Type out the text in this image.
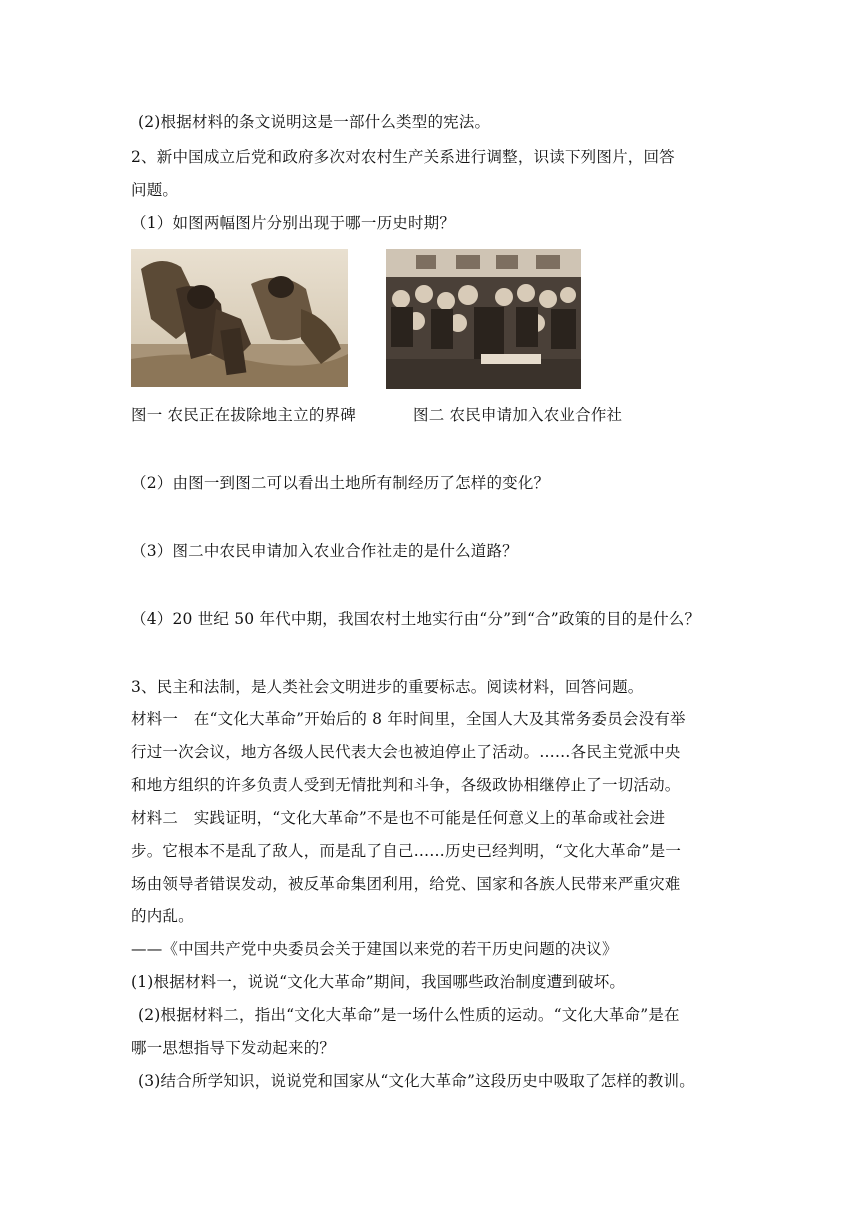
(2)根据材料的条文说明这是一部什么类型的宪法。
2、新中国成立后党和政府多次对农村生产关系进行调整，识读下列图片，回答
问题。
（1）如图两幅图片分别出现于哪一历史时期？
图一 农民正在拔除地主立的界碑	图二 农民申请加入农业合作社
（2）由图一到图二可以看出土地所有制经历了怎样的变化？
（3）图二中农民申请加入农业合作社走的是什么道路？
（4）20 世纪 50 年代中期，我国农村土地实行由“分”到“合”政策的目的是什么？
3、民主和法制，是人类社会文明进步的重要标志。阅读材料，回答问题。
材料一　在“文化大革命”开始后的 8 年时间里，全国人大及其常务委员会没有举
行过一次会议，地方各级人民代表大会也被迫停止了活动。……各民主党派中央
和地方组织的许多负责人受到无情批判和斗争，各级政协相继停止了一切活动。
材料二　实践证明，“文化大革命”不是也不可能是任何意义上的革命或社会进
步。它根本不是乱了敌人，而是乱了自己……历史已经判明，“文化大革命”是一
场由领导者错误发动，被反革命集团利用，给党、国家和各族人民带来严重灾难
的内乱。
——《中国共产党中央委员会关于建国以来党的若干历史问题的决议》
(1)根据材料一，说说“文化大革命”期间，我国哪些政治制度遭到破坏。
(2)根据材料二，指出“文化大革命”是一场什么性质的运动。“文化大革命”是在
哪一思想指导下发动起来的？
(3)结合所学知识，说说党和国家从“文化大革命”这段历史中吸取了怎样的教训。
